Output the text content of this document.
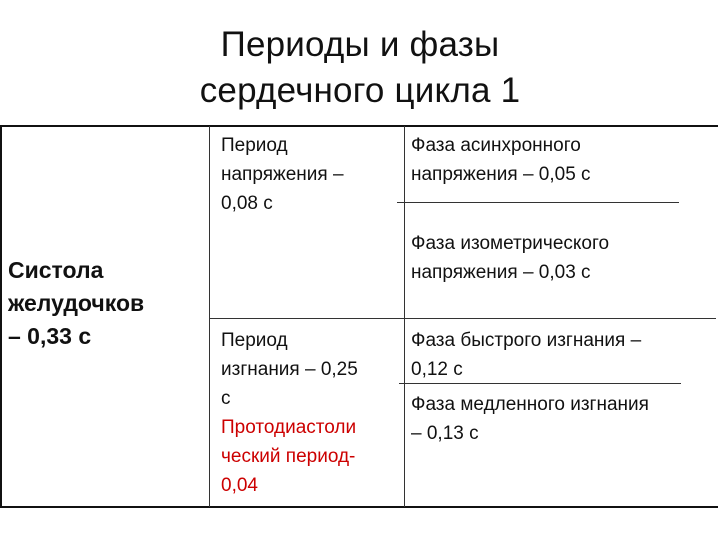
Периоды и фазы
сердечного цикла 1
Систола
желудочков
– 0,33 с
Период
напряжения –
0,08 с
Период
изгнания – 0,25
с
Протодиастоли
ческий период-
0,04
Фаза асинхронного
напряжения – 0,05 с
Фаза изометрического
напряжения – 0,03 с
Фаза быстрого изгнания –
0,12 с
Фаза медленного изгнания
– 0,13 с
